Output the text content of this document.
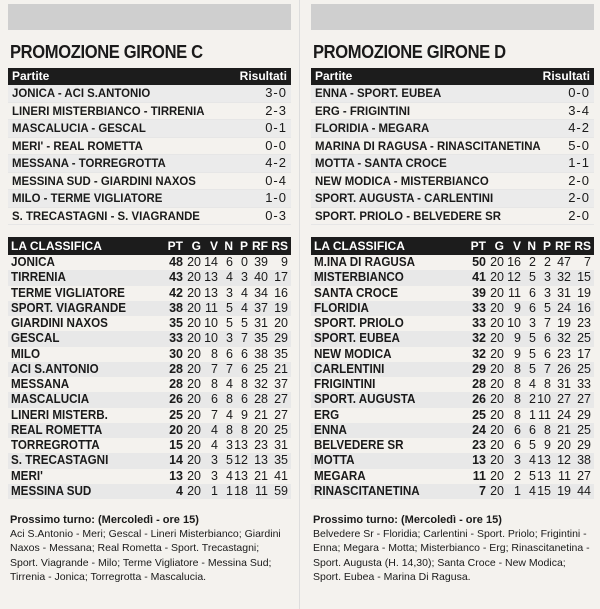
PROMOZIONE GIRONE C
Partite	Risultati
JONICA - ACI S.ANTONIO	3-0
LINERI MISTERBIANCO - TIRRENIA	2-3
MASCALUCIA - GESCAL	0-1
MERI' - REAL ROMETTA	0-0
MESSANA - TORREGROTTA	4-2
MESSINA SUD - GIARDINI NAXOS	0-4
MILO - TERME VIGLIATORE	1-0
S. TRECASTAGNI - S. VIAGRANDE	0-3
LA CLASSIFICA	PT G V N P RF RS
JONICA	48 20 14 6 0 39	9
TIRRENIA	43 20 13 4 3 40 17
TERME VIGLIATORE	42 20 13 3 4 34 16
SPORT. VIAGRANDE	38 20 11 5 4 37 19
GIARDINI NAXOS	35 20 10 5 5 31 20
GESCAL	33 20 10 3 7 35 29
MILO	30 20 8 6 6 38 35
ACI S.ANTONIO	28 20 7 7 6 25 21
MESSANA	28 20 8 4 8 32 37
MASCALUCIA	26 20 6 8 6 28 27
LINERI MISTERB.	25 20 7 4 9 21 27
REAL ROMETTA	20 20 4 8 8 20 25
TORREGROTTA	15 20 4 3 13 23 31
S. TRECASTAGNI	14 20 3 5 12 13 35
MERI'	13 20 3 4 13 21 41
MESSINA SUD	4 20 1 1 18 11 59
Prossimo turno: (Mercoledì - ore 15)
Aci S.Antonio - Meri; Gescal - Lineri Misterbianco; Giardini Naxos - Messana; Real Rometta - Sport. Trecastagni; Sport. Viagrande - Milo; Terme Vigliatore - Messina Sud; Tirrenia - Jonica; Torregrotta - Mascalucia.
PROMOZIONE GIRONE D
Partite	Risultati
ENNA - SPORT. EUBEA	0-0
ERG - FRIGINTINI	3-4
FLORIDIA - MEGARA	4-2
MARINA DI RAGUSA - RINASCITANETINA 5-0
MOTTA - SANTA CROCE	1-1
NEW MODICA - MISTERBIANCO	2-0
SPORT. AUGUSTA - CARLENTINI	2-0
SPORT. PRIOLO - BELVEDERE SR	2-0
LA CLASSIFICA	PT G V N P RF RS
M.INA DI RAGUSA	50 20 16 2 2 47	7
MISTERBIANCO	41 20 12 5 3 32 15
SANTA CROCE	39 20 11 6 3 31 19
FLORIDIA	33 20 9 6 5 24 16
SPORT. PRIOLO	33 20 10 3 7 19 23
SPORT. EUBEA	32 20 9 5 6 32 25
NEW MODICA	32 20 9 5 6 23 17
CARLENTINI	29 20 8 5 7 26 25
FRIGINTINI	28 20 8 4 8 31 33
SPORT. AUGUSTA	26 20 8 2 10 27 27
ERG	25 20 8 1 11 24 29
ENNA	24 20 6 6 8 21 25
BELVEDERE SR	23 20 6 5 9 20 29
MOTTA	13 20 3 4 13 12 38
MEGARA	11 20 2 5 13 11 27
RINASCITANETINA	7 20 1 4 15 19 44
Prossimo turno: (Mercoledì - ore 15)
Belvedere Sr - Floridia; Carlentini - Sport. Priolo; Frigintini - Enna; Megara - Motta; Misterbianco - Erg; Rinascitanetina - Sport. Augusta (H. 14,30); Santa Croce - New Modica; Sport. Eubea - Marina Di Ragusa.
